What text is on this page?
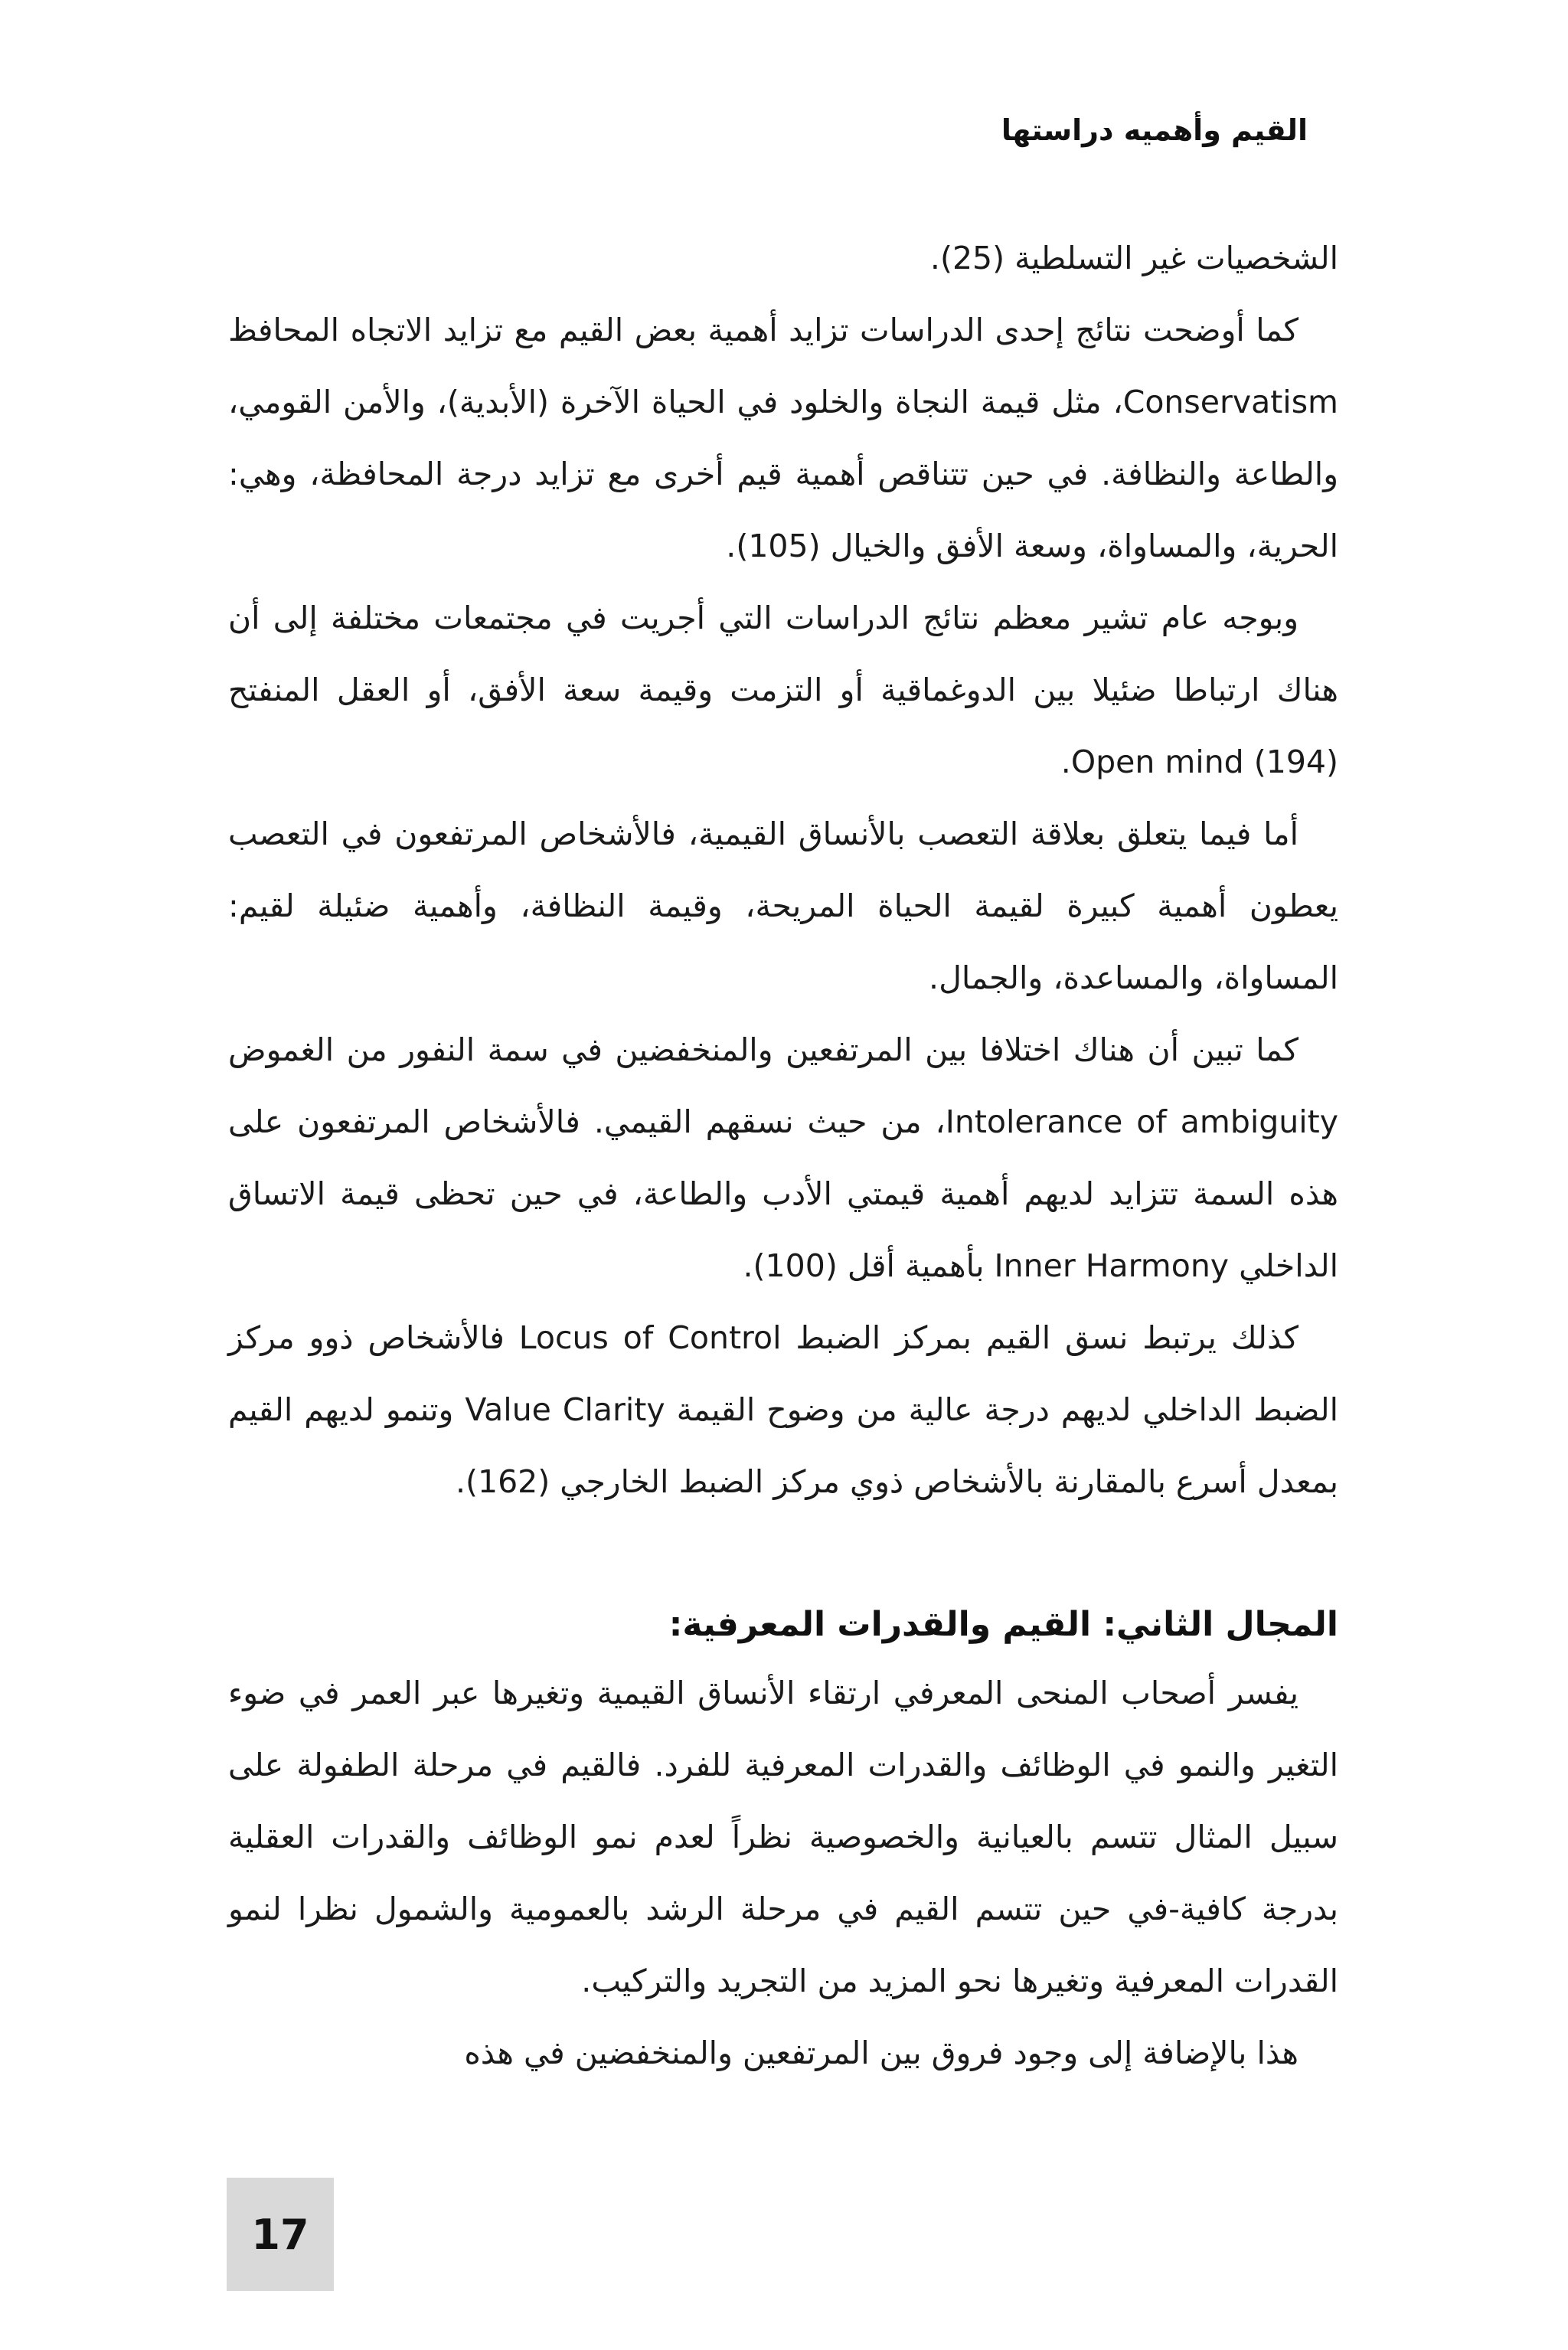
القيم وأهميه دراستها

الشخصيات غير التسلطية (25).

كما أوضحت نتائج إحدى الدراسات تزايد أهمية بعض القيم مع تزايد الاتجاه المحافظ Conservatism، مثل قيمة النجاة والخلود في الحياة الآخرة (الأبدية)، والأمن القومي، والطاعة والنظافة. في حين تتناقص أهمية قيم أخرى مع تزايد درجة المحافظة، وهي: الحرية، والمساواة، وسعة الأفق والخيال (105).

وبوجه عام تشير معظم نتائج الدراسات التي أجريت في مجتمعات مختلفة إلى أن هناك ارتباطا ضئيلا بين الدوغماقية أو التزمت وقيمة سعة الأفق، أو العقل المنفتح Open mind (194).

أما فيما يتعلق بعلاقة التعصب بالأنساق القيمية، فالأشخاص المرتفعون في التعصب يعطون أهمية كبيرة لقيمة الحياة المريحة، وقيمة النظافة، وأهمية ضئيلة لقيم: المساواة، والمساعدة، والجمال.

كما تبين أن هناك اختلافا بين المرتفعين والمنخفضين في سمة النفور من الغموض Intolerance of ambiguity، من حيث نسقهم القيمي. فالأشخاص المرتفعون على هذه السمة تتزايد لديهم أهمية قيمتي الأدب والطاعة، في حين تحظى قيمة الاتساق الداخلي Inner Harmony بأهمية أقل (100).

كذلك يرتبط نسق القيم بمركز الضبط Locus of Control فالأشخاص ذوو مركز الضبط الداخلي لديهم درجة عالية من وضوح القيمة Value Clarity وتنمو لديهم القيم بمعدل أسرع بالمقارنة بالأشخاص ذوي مركز الضبط الخارجي (162).

المجال الثاني: القيم والقدرات المعرفية:

يفسر أصحاب المنحى المعرفي ارتقاء الأنساق القيمية وتغيرها عبر العمر في ضوء التغير والنمو في الوظائف والقدرات المعرفية للفرد. فالقيم في مرحلة الطفولة على سبيل المثال تتسم بالعيانية والخصوصية نظراً لعدم نمو الوظائف والقدرات العقلية بدرجة كافية-في حين تتسم القيم في مرحلة الرشد بالعمومية والشمول نظرا لنمو القدرات المعرفية وتغيرها نحو المزيد من التجريد والتركيب.

هذا بالإضافة إلى وجود فروق بين المرتفعين والمنخفضين في هذه

17
